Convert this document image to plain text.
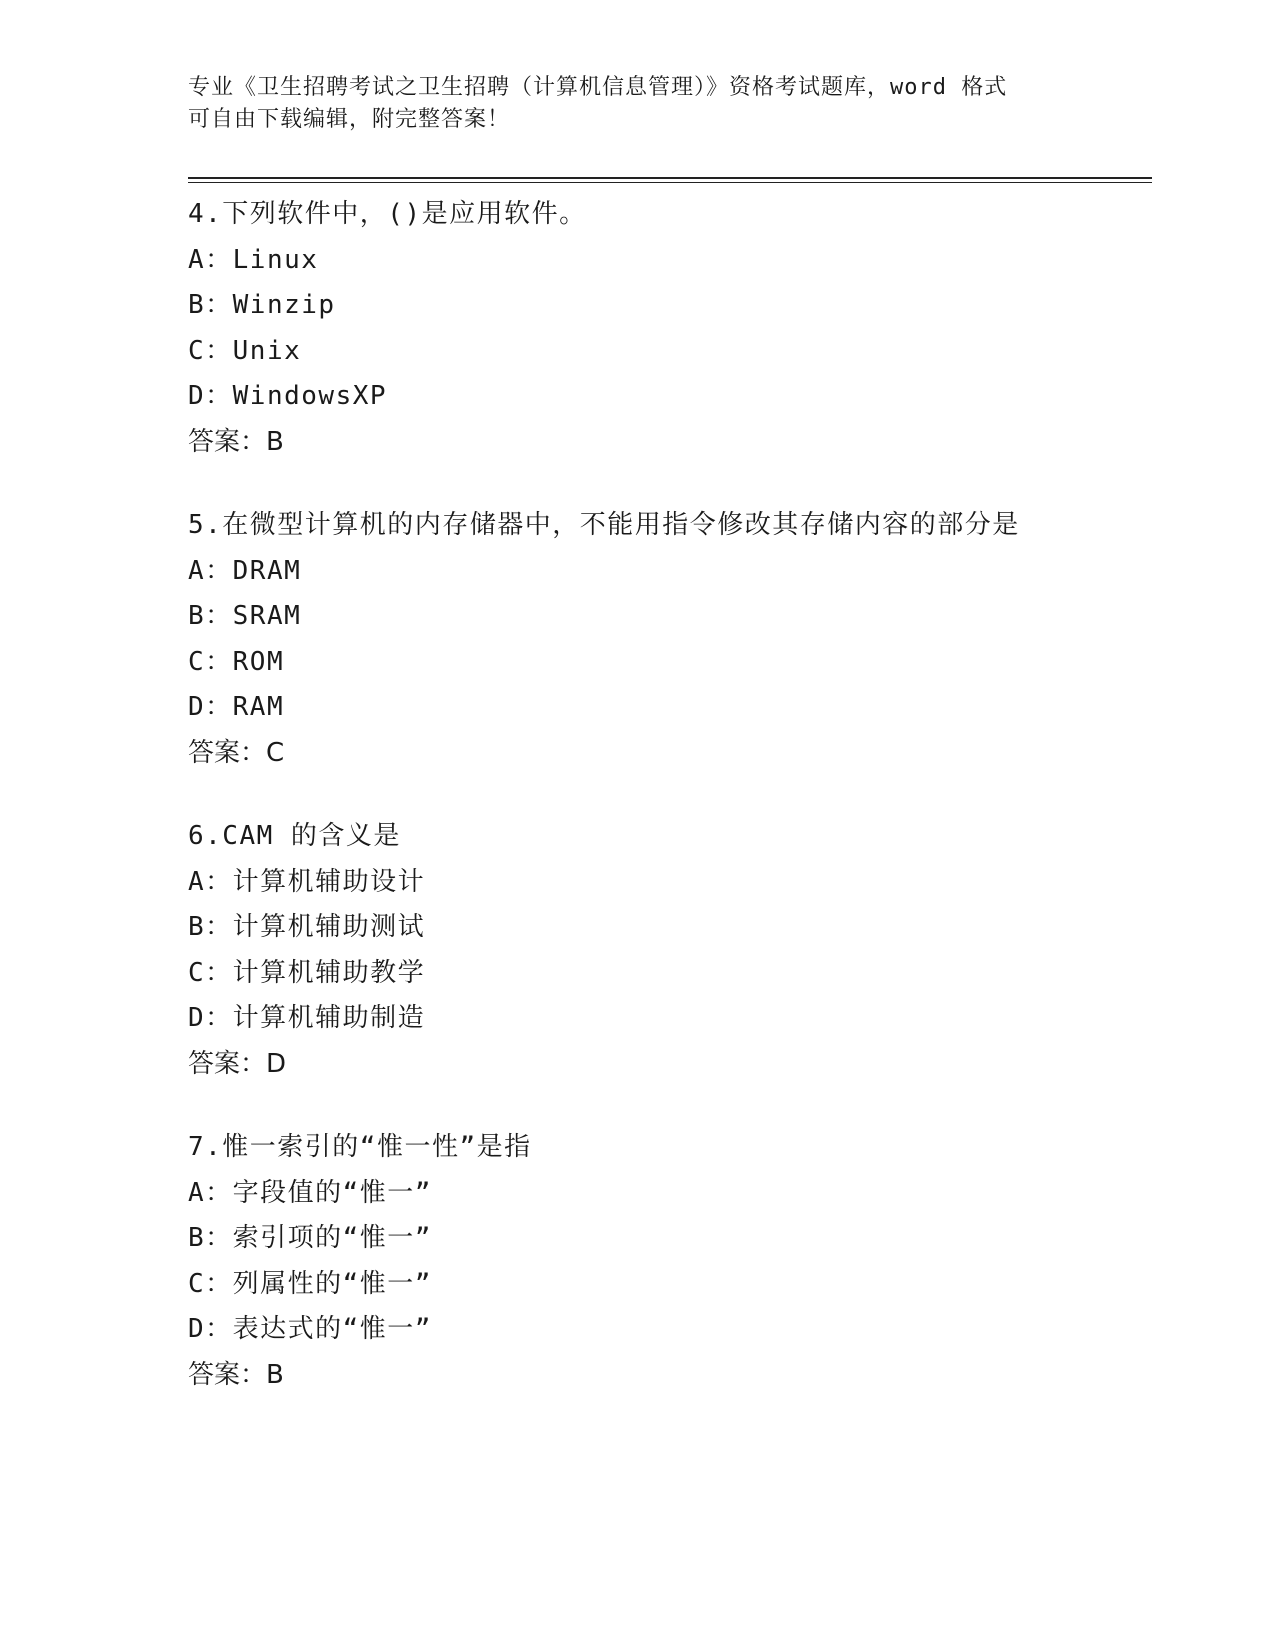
专业《卫生招聘考试之卫生招聘（计算机信息管理）》资格考试题库，word 格式
可自由下载编辑，附完整答案！
4.下列软件中，()是应用软件。
A：Linux
B：Winzip
C：Unix
D：WindowsXP
答案：B
5.在微型计算机的内存储器中，不能用指令修改其存储内容的部分是
A：DRAM
B：SRAM
C：ROM
D：RAM
答案：C
6.CAM 的含义是
A：计算机辅助设计
B：计算机辅助测试
C：计算机辅助教学
D：计算机辅助制造
答案：D
7.惟一索引的“惟一性”是指
A：字段值的“惟一”
B：索引项的“惟一”
C：列属性的“惟一”
D：表达式的“惟一”
答案：B
